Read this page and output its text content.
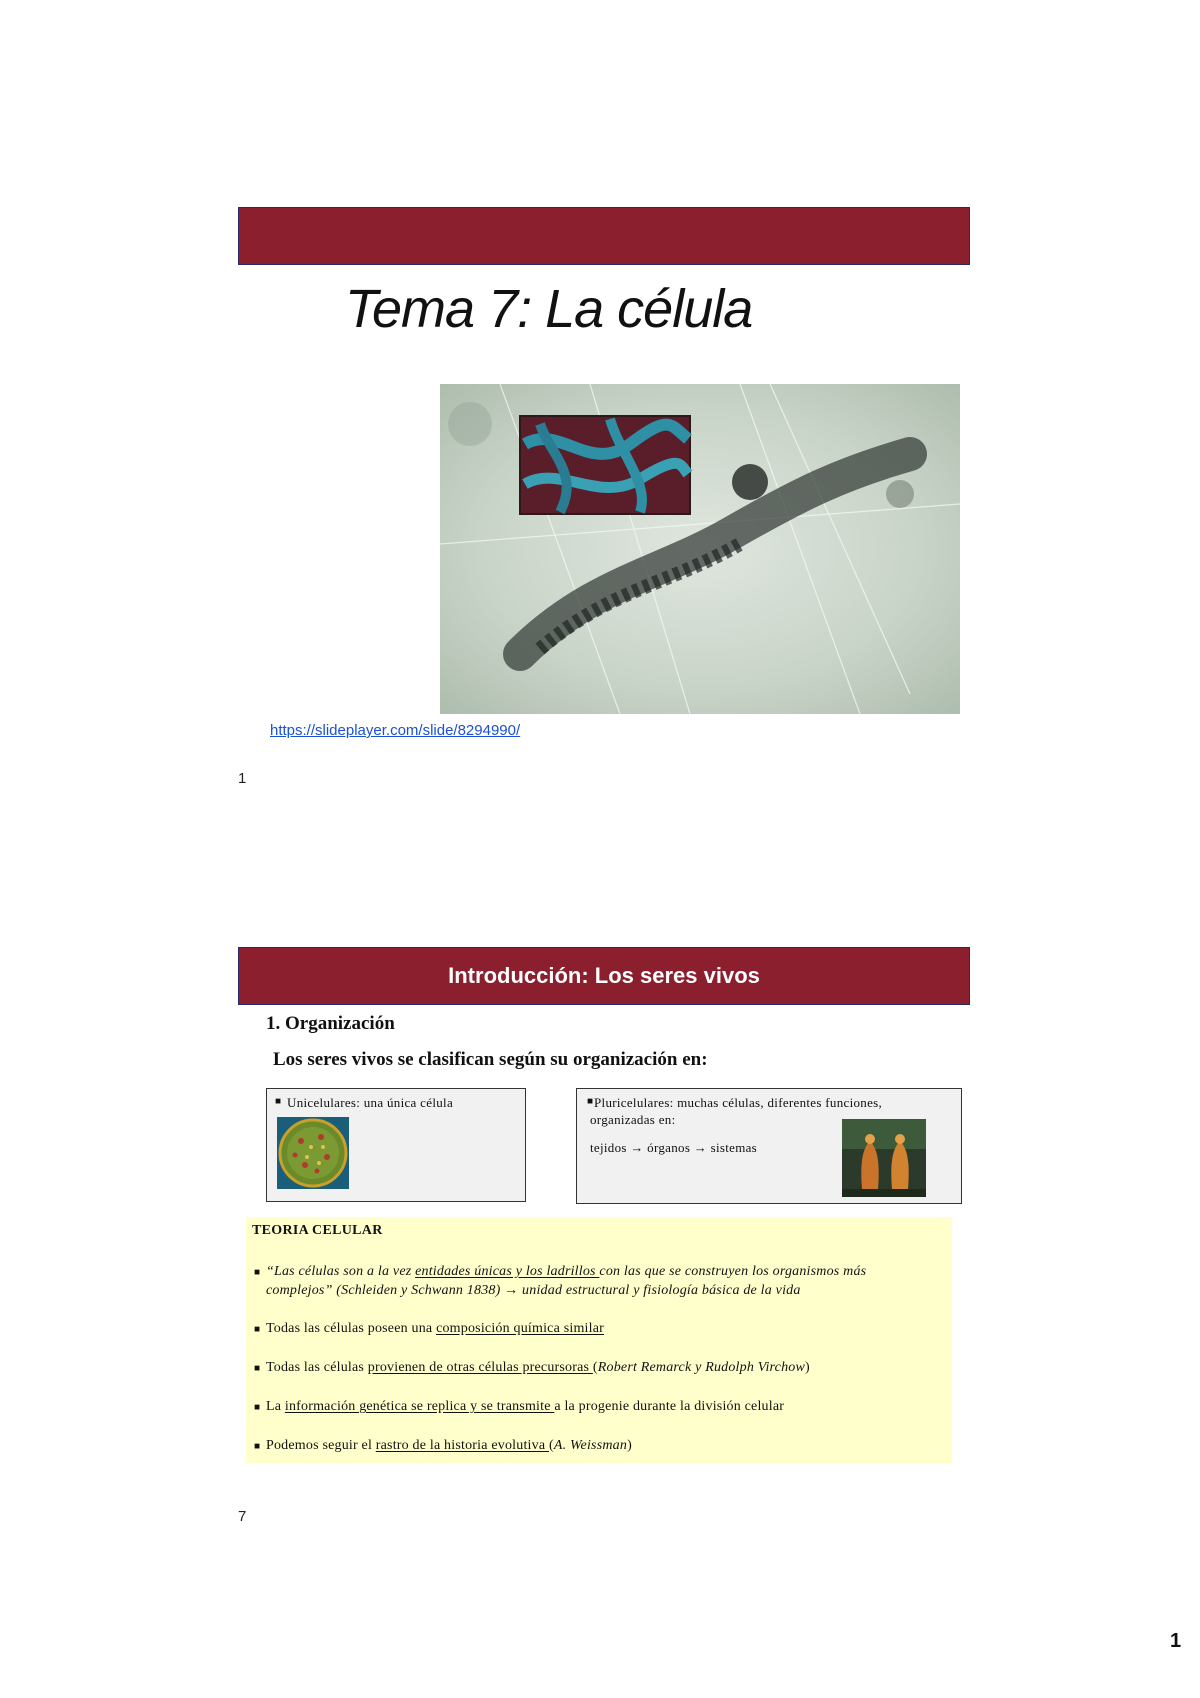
Tema 7: La célula
https://slideplayer.com/slide/8294990/
1
Introducción: Los seres vivos
1. Organización
Los seres vivos se clasifican según su organización en:
■ Unicelulares: una única célula	■ Pluricelulares: muchas células, diferentes funciones,
organizadas en:
tejidos → órganos → sistemas
TEORIA CELULAR
■ “Las células son a la vez entidades únicas y los ladrillos con las que se construyen los organismos más
complejos” (Schleiden y Schwann 1838) → unidad estructural y fisiología básica de la vida
■ Todas las células poseen una composición química similar
■ Todas las células provienen de otras células precursoras (Robert Remarck y Rudolph Virchow)
■ La información genética se replica y se transmite a la progenie durante la división celular
■ Podemos seguir el rastro de la historia evolutiva (A. Weissman)
7
1
